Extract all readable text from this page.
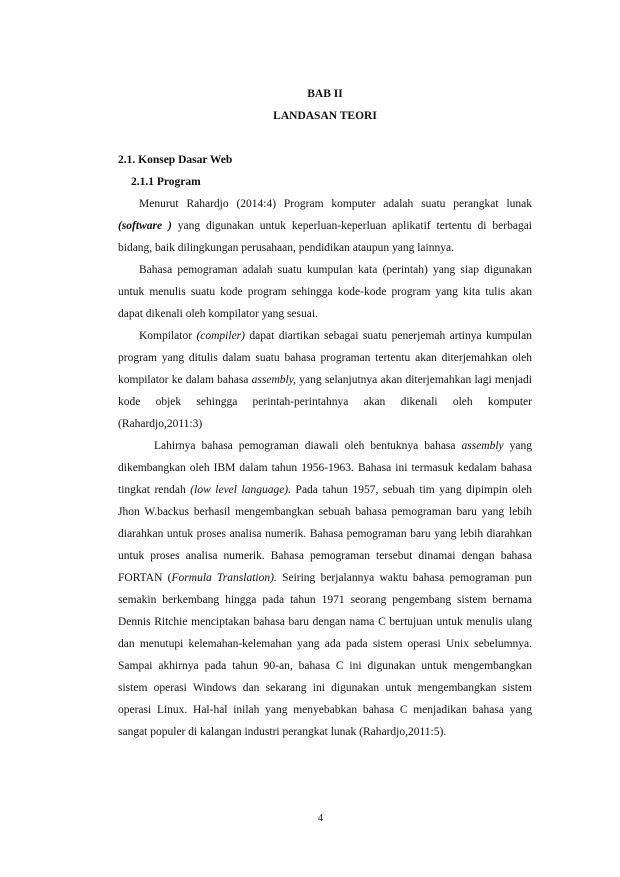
BAB II
LANDASAN TEORI
2.1. Konsep Dasar Web
2.1.1 Program

Menurut Rahardjo (2014:4) Program komputer adalah suatu perangkat lunak (software ) yang digunakan untuk keperluan-keperluan aplikatif tertentu di berbagai bidang, baik dilingkungan perusahaan, pendidikan ataupun yang lainnya.

Bahasa pemograman adalah suatu kumpulan kata (perintah) yang siap digunakan untuk menulis suatu kode program sehingga kode-kode program yang kita tulis akan dapat dikenali oleh kompilator yang sesuai.

Kompilator (compiler) dapat diartikan sebagai suatu penerjemah artinya kumpulan program yang ditulis dalam suatu bahasa programan tertentu akan diterjemahkan oleh kompilator ke dalam bahasa assembly, yang selanjutnya akan diterjemahkan lagi menjadi kode objek sehingga perintah-perintahnya akan dikenali oleh komputer (Rahardjo,2011:3)

Lahirnya bahasa pemograman diawali oleh bentuknya bahasa assembly yang dikembangkan oleh IBM dalam tahun 1956-1963. Bahasa ini termasuk kedalam bahasa tingkat rendah (low level language). Pada tahun 1957, sebuah tim yang dipimpin oleh Jhon W.backus berhasil mengembangkan sebuah bahasa pemograman baru yang lebih diarahkan untuk proses analisa numerik. Bahasa pemograman baru yang lebih diarahkan untuk proses analisa numerik. Bahasa pemograman tersebut dinamai dengan bahasa FORTAN (Formula Translation). Seiring berjalannya waktu bahasa pemograman pun semakin berkembang hingga pada tahun 1971 seorang pengembang sistem bernama Dennis Ritchie menciptakan bahasa baru dengan nama C bertujuan untuk menulis ulang dan menutupi kelemahan-kelemahan yang ada pada sistem operasi Unix sebelumnya. Sampai akhirnya pada tahun 90-an, bahasa C ini digunakan untuk mengembangkan sistem operasi Windows dan sekarang ini digunakan untuk mengembangkan sistem operasi Linux. Hal-hal inilah yang menyebabkan bahasa C menjadikan bahasa yang sangat populer di kalangan industri perangkat lunak (Rahardjo,2011:5).

4
